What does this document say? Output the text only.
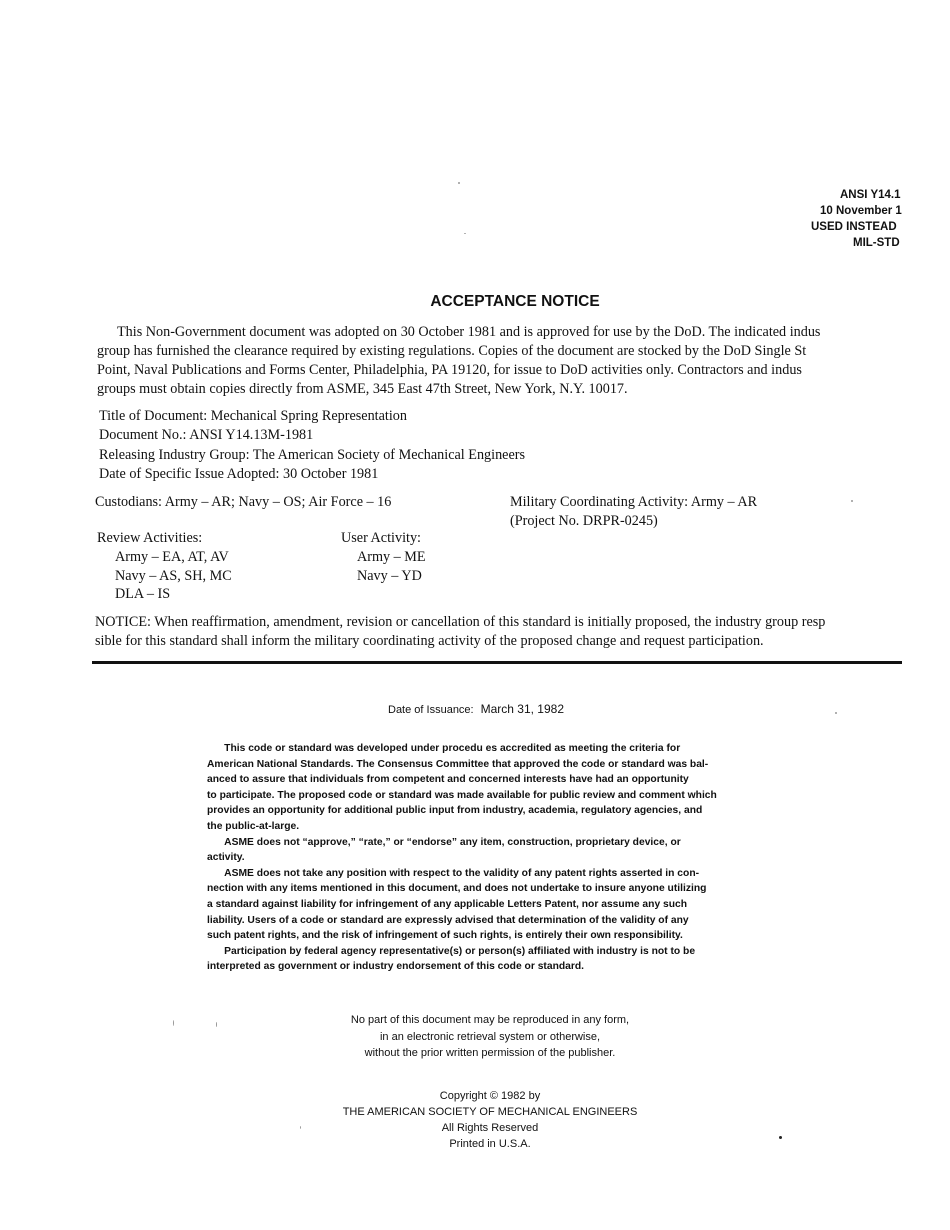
ANSI Y14.1
10 November 1
USED INSTEAD
MIL-STD
ACCEPTANCE NOTICE
This Non-Government document was adopted on 30 October 1981 and is approved for use by the DoD. The indicated indus
group has furnished the clearance required by existing regulations. Copies of the document are stocked by the DoD Single St
Point, Naval Publications and Forms Center, Philadelphia, PA 19120, for issue to DoD activities only. Contractors and indus
groups must obtain copies directly from ASME, 345 East 47th Street, New York, N.Y. 10017.
Title of Document: Mechanical Spring Representation
Document No.: ANSI Y14.13M-1981
Releasing Industry Group: The American Society of Mechanical Engineers
Date of Specific Issue Adopted: 30 October 1981
Custodians: Army – AR; Navy – OS; Air Force – 16	Military Coordinating Activity: Army – AR
(Project No. DRPR-0245)
Review Activities:
Army – EA, AT, AV
Navy – AS, SH, MC
DLA – IS
User Activity:
Army – ME
Navy – YD
NOTICE: When reaffirmation, amendment, revision or cancellation of this standard is initially proposed, the industry group resp
sible for this standard shall inform the military coordinating activity of the proposed change and request participation.
Date of Issuance: March 31, 1982
This code or standard was developed under procedu es accredited as meeting the criteria for
American National Standards. The Consensus Committee that approved the code or standard was bal-
anced to assure that individuals from competent and concerned interests have had an opportunity
to participate. The proposed code or standard was made available for public review and comment which
provides an opportunity for additional public input from industry, academia, regulatory agencies, and
the public-at-large.
ASME does not “approve,” “rate,” or “endorse” any item, construction, proprietary device, or
activity.
ASME does not take any position with respect to the validity of any patent rights asserted in con-
nection with any items mentioned in this document, and does not undertake to insure anyone utilizing
a standard against liability for infringement of any applicable Letters Patent, nor assume any such
liability. Users of a code or standard are expressly advised that determination of the validity of any
such patent rights, and the risk of infringement of such rights, is entirely their own responsibility.
Participation by federal agency representative(s) or person(s) affiliated with industry is not to be
interpreted as government or industry endorsement of this code or standard.
No part of this document may be reproduced in any form,
in an electronic retrieval system or otherwise,
without the prior written permission of the publisher.
Copyright © 1982 by
THE AMERICAN SOCIETY OF MECHANICAL ENGINEERS
All Rights Reserved
Printed in U.S.A.
